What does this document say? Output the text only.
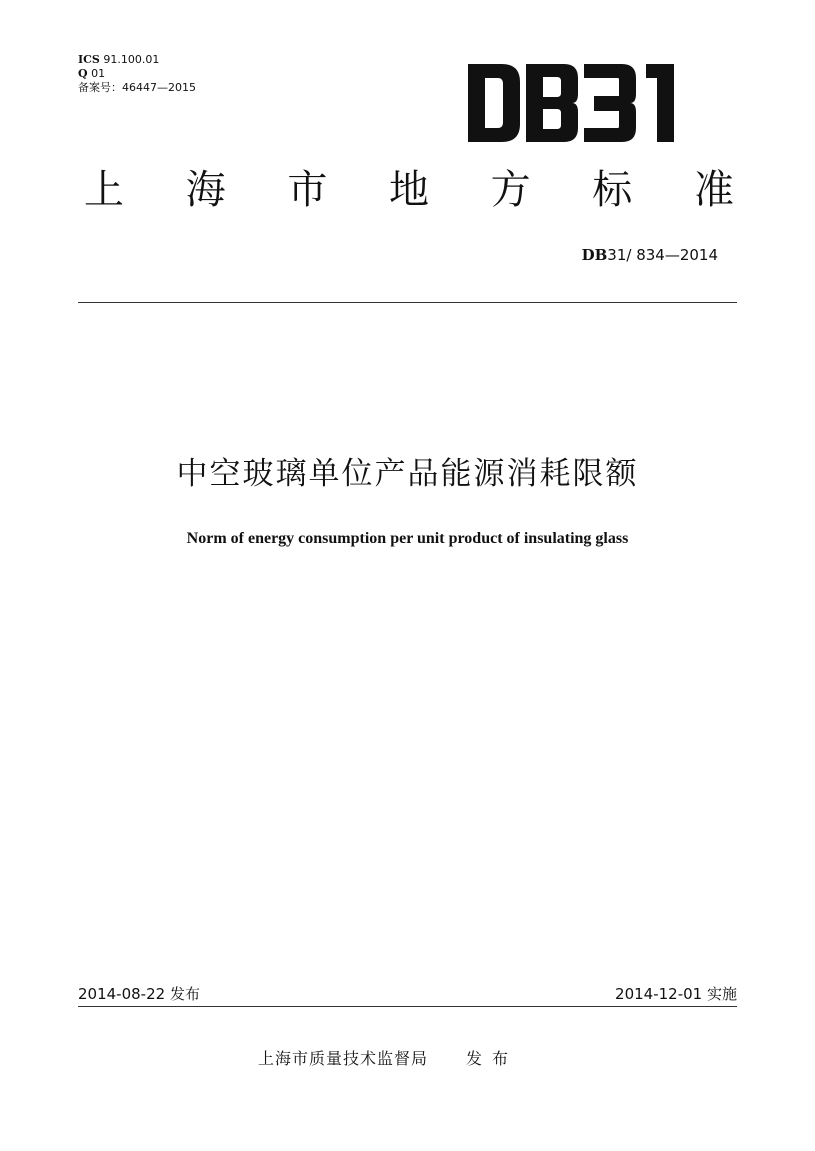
ICS 91.100.01
Q 01
备案号：46447—2015
上 海 市 地 方 标 准
DB31/ 834—2014
中空玻璃单位产品能源消耗限额
Norm of energy consumption per unit product of insulating glass
2014-08-22 发布	2014-12-01 实施
上海市质量技术监督局 发布
